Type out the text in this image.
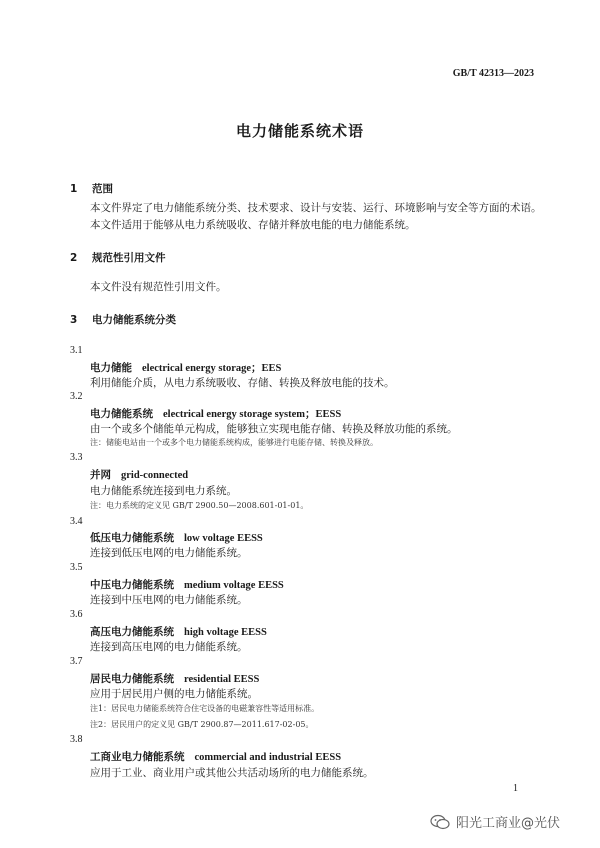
GB/T 42313—2023
电力储能系统术语
1 范围
本文件界定了电力储能系统分类、技术要求、设计与安装、运行、环境影响与安全等方面的术语。
本文件适用于能够从电力系统吸收、存储并释放电能的电力储能系统。
2 规范性引用文件
本文件没有规范性引用文件。
3 电力储能系统分类
3.1
电力储能 electrical energy storage；EES
利用储能介质，从电力系统吸收、存储、转换及释放电能的技术。
3.2
电力储能系统 electrical energy storage system；EESS
由一个或多个储能单元构成，能够独立实现电能存储、转换及释放功能的系统。
注：储能电站由一个或多个电力储能系统构成，能够进行电能存储、转换及释放。
3.3
并网 grid-connected
电力储能系统连接到电力系统。
注：电力系统的定义见 GB/T 2900.50—2008.601-01-01。
3.4
低压电力储能系统 low voltage EESS
连接到低压电网的电力储能系统。
3.5
中压电力储能系统 medium voltage EESS
连接到中压电网的电力储能系统。
3.6
高压电力储能系统 high voltage EESS
连接到高压电网的电力储能系统。
3.7
居民电力储能系统 residential EESS
应用于居民用户侧的电力储能系统。
注1：居民电力储能系统符合住宅设备的电磁兼容性等适用标准。
注2：居民用户的定义见 GB/T 2900.87—2011.617-02-05。
3.8
工商业电力储能系统 commercial and industrial EESS
应用于工业、商业用户或其他公共活动场所的电力储能系统。
1
阳光工商业@光伏
